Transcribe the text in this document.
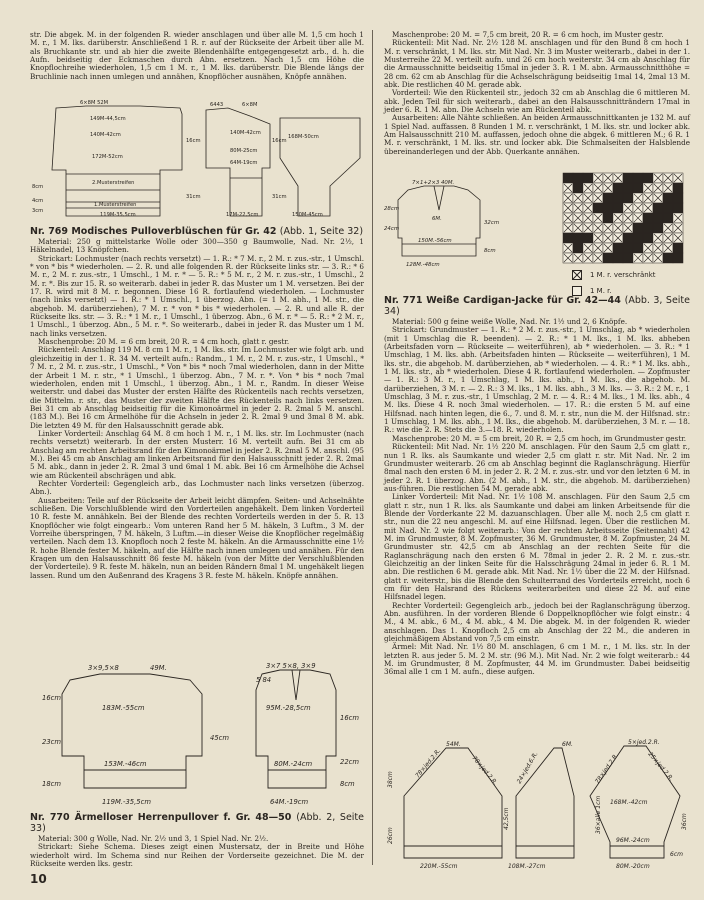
str. Die abgek. M. in der folgenden R. wieder anschlagen und über alle M. 1,5 cm hoch 1 M. r., 1 M. lks. darüberstr. Anschließend 1 R. r. auf der Rückseite der Arbeit über alle M. als Bruchkante str. und ab hier die zweite Blendenhälfte entgegengesetzt arb., d. h. die Aufn. beidseitig der Eckmaschen durch Abn. ersetzen. Nach 1,5 cm Höhe die Knopflochreihe wiederholen, 1,5 cm 1 M. r., 1 M. lks. darüberstr. Die Blende längs der Bruchlinie nach innen umlegen und annähen, Knopflöcher ausnähen, Knöpfe annähen.

6×8M 52M
149M-44,5cm
140M-42cm
172M-52cm
2.Musterstreifen
1.Musterstreifen
119M-35,5cm
8cm
4cm
3cm
16cm
31cm
6443	6×8M
140M-42cm
80M-25cm
64M-19cm
17M-22,5cm
168M-50cm
150M-45cm
16cm
31cm
Nr. 769 Modisches Pulloverblüschen für Gr. 42 (Abb. 1, Seite 32)

Material: 250 g mittelstarke Wolle oder 300—350 g Baumwolle, Nad. Nr. 2½, 1 Häkelnadel, 13 Knöpfchen.

Strickart: Lochmuster (nach rechts versetzt) — 1. R.: * 7 M. r., 2 M. r. zus.-str., 1 Umschl. * von * bis * wiederholen. — 2. R. und alle folgenden R. der Rückseite links str. — 3. R.: * 6 M. r., 2 M. r. zus.-str., 1 Umschl., 1 M. r. * — 5. R.: * 5 M. r., 2 M. r. zus.-str., 1 Umschl., 2 M. r. *. Bis zur 15. R. so weiterarb. dabei in jeder R. das Muster um 1 M. versetzen. Bei der 17. R. wird mit 8 M. r. begonnen. Diese 16 R. fortlaufend wiederholen. — Lochmuster (nach links versetzt) — 1. R.: * 1 Umschl., 1 überzog. Abn. (= 1 M. abh., 1 M. str., die abgehob. M. darüberziehen), 7 M. r. * von * bis * wiederholen. — 2. R. und alle R. der Rückseite lks. str. — 3. R.: * 1 M. r., 1 Umschl., 1 überzog. Abn., 6 M. r. * — 5. R.: * 2 M. r., 1 Umschl., 1 überzog. Abn., 5 M. r. *. So weiterarb., dabei in jeder R. das Muster um 1 M. nach links versetzen.

Maschenprobe: 20 M. = 6 cm breit, 20 R. = 4 cm hoch, glatt r. gestr.

Rückenteil: Anschlag 119 M. 8 cm 1 M. r., 1 M. lks. str. Im Lochmuster wie folgt arb. und gleichzeitig in der 1. R. 34 M. verteilt aufn.: Randm., 1 M. r., 2 M. r. zus.-str., 1 Umschl., * 7 M. r., 2 M. r. zus.-str., 1 Umschl., * Von * bis * noch 7mal wiederholen, dann in der Mitte der Arbeit 1 M. r. str., * 1 Umschl., 1 überzog. Abn., 7 M. r. *. Von * bis * noch 7mal wiederholen, enden mit 1 Umschl., 1 überzog. Abn., 1 M. r., Randm. In dieser Weise weiterstr. und dabei das Muster der ersten Hälfte des Rückenteils nach rechts versetzen, die Mittelm. r. str., das Muster der zweiten Hälfte des Rückenteils nach links versetzen. Bei 31 cm ab Anschlag beidseitig für die Kimonoärmel in jeder 2. R. 2mal 5 M. anschl. (183 M.). Bei 16 cm Ärmelhöhe für die Achseln in jeder 2. R. 2mal 9 und 3mal 8 M. abk. Die letzten 49 M. für den Halsausschnitt gerade abk.

Linker Vorderteil: Anschlag 64 M. 8 cm hoch 1 M. r., 1 M. lks. str. Im Lochmuster (nach rechts versetzt) weiterarb. In der ersten Musterr. 16 M. verteilt aufn. Bei 31 cm ab Anschlag am rechten Arbeitsrand für den Kimonoärmel in jeder 2. R. 2mal 5 M. anschl. (95 M.). Bei 45 cm ab Anschlag am linken Arbeitsrand für den Halsausschnitt jeder 2. R. 2mal 5 M. abk., dann in jeder 2. R. 2mal 3 und 6mal 1 M. abk. Bei 16 cm Ärmelhöhe die Achsel wie am Rückenteil abschrägen und abk.

Rechter Vorderteil: Gegengleich arb., das Lochmuster nach links versetzen (überzog. Abn.).

Ausarbeiten: Teile auf der Rückseite der Arbeit leicht dämpfen. Seiten- und Achselnähte schließen. Die Vorschlußblende wird den Vorderteilen angehäkelt. Dem linken Vorderteil 10 R. feste M. annähkeln. Bei der Blende des rechten Vorderteils werden in der 5. R. 13 Knopflöcher wie folgt eingearb.: Vom unteren Rand her 5 M. häkeln, 3 Luftm., 3 M. der Vorreihe überspringen, 7 M. häkeln, 3 Luftm.—in dieser Weise die Knopflöcher regelmäßig verteilen. Nach dem 13. Knopfloch noch 2 feste M. häkeln. An die Armausschnitte eine 1½ R. hohe Blende fester M. häkeln, auf die Hälfte nach innen umlegen und annähen. Für den Kragen um den Halsausschnitt 86 feste M. häkeln (von der Mitte der Verschlußblenden der Vorderteile). 9 R. feste M. häkeln, nun an beiden Rändern 8mal 1 M. ungehäkelt liegen lassen. Rund um den Außenrand des Kragens 3 R. feste M. häkeln. Knöpfe annähen.

3×9,5×8	49M.	3×7 5×8, 3×9
5 84
183M.-55cm
153M.-46cm
119M.-35,5cm
95M.-28,5cm
80M.-24cm
64M.-19cm
16cm
45cm
23cm
18cm
16cm
22cm
8cm
Nr. 770 Ärmelloser Herrenpullover f. Gr. 48—50 (Abb. 2, Seite 33)

Material: 300 g Wolle, Nad. Nr. 2½ und 3, 1 Spiel Nad. Nr. 2½.

Strickart: Siehe Schema. Dieses zeigt einen Mustersatz, der in Breite und Höhe wiederholt wird. Im Schema sind nur Reihen der Vorderseite gezeichnet. Die M. der Rückseite werden lks. gestr.

Maschenprobe: 20 M. = 7,5 cm breit, 20 R. = 6 cm hoch, im Muster gestr.

Rückenteil: Mit Nad. Nr. 2½ 128 M. anschlagen und für den Bund 8 cm hoch 1 M. r. verschränkt, 1 M. lks. str. Mit Nad. Nr. 3 im Muster weiterarb., dabei in der 1. Musterreihe 22 M. verteilt aufn. und 26 cm hoch weiterstr. 34 cm ab Anschlag für die Armausschnitte beidseitig 15mal in jeder 3. R. 1 M. abn. Armausschnitthöhe = 28 cm. 62 cm ab Anschlag für die Achselschrägung beidseitig 1mal 14, 2mal 13 M. abk. Die restlichen 40 M. gerade abk.

Vorderteil: Wie den Rückenteil str., jedoch 32 cm ab Anschlag die 6 mittleren M. abk. Jeden Teil für sich weiterarb., dabei an den Halsausschnitträndern 17mal in jeder 6. R. 1 M. abn. Die Achseln wie am Rückenteil abk.

Ausarbeiten: Alle Nähte schließen. An beiden Armausschnittkanten je 132 M. auf 1 Spiel Nad. auffassen. 8 Runden 1 M. r. verschränkt, 1 M. lks. str. und locker abk. Am Halsausschnitt 210 M. auffassen, jedoch ohne die abgek. 6 mittleren M.; 6 R. 1 M. r. verschränkt, 1 M. lks. str. und locker abk. Die Schmalseiten der Halsblende übereinanderlegen und der Abb. Querkante annähen.

7×1+2×3 40M.
150M.-56cm
128M.-48cm
6M.
28cm
32cm
8cm
24cm
1 M. r. verschränkt
1 M. r.
Nr. 771 Weiße Cardigan-Jacke für Gr. 42—44 (Abb. 3, Seite 34)

Material: 500 g feine weiße Wolle, Nad. Nr. 1½ und 2, 6 Knöpfe.

Strickart: Grundmuster — 1. R.: * 2 M. r. zus.-str., 1 Umschlag, ab * wiederholen (mit 1 Umschlag die R. beenden). — 2. R.: * 1 M. lks., 1 M. lks. abheben (Arbeitsfaden vorn — Rückseite — weiterführen), ab * wiederholen. — 3. R.: * 1 Umschlag, 1 M. lks. abh. (Arbeitsfaden hinten — Rückseite — weiterführen), 1 M. lks. str., die abgehob. M. darüberziehen, ab * wiederholen. — 4. R.: * 1 M. lks. abh., 1 M. lks. str., ab * wiederholen. Diese 4 R. fortlaufend wiederholen. — Zopfmuster — 1. R.: 3 M. r., 1 Umschlag, 1 M. lks. abh., 1 M. lks., die abgehob. M. darüberziehen, 3 M. r. — 2. R.: 3 M. lks., 1 M. lks. abh., 3 M. lks. — 3. R.: 2 M. r., 1 Umschlag, 3 M. r. zus.-str., 1 Umschlag, 2 M. r. — 4. R.: 4 M. lks., 1 M. lks. abh., 4 M. lks. Diese 4 R. noch 3mal wiederholen. — 17. R.: die ersten 5 M. auf eine Hilfsnad. nach hinten legen, die 6., 7. und 8. M. r. str., nun die M. der Hilfsnad. str.: 1 Umschlag, 1 M. lks. abh., 1 M. lks., die abgehob. M. darüberziehen, 3 M. r. — 18. R.: wie die 2. R. Stets die 3.—18. R. wiederholen.

Maschenprobe: 20 M. = 5 cm breit, 20 R. = 2,5 cm hoch, im Grundmuster gestr.

Rückenteil: Mit Nad. Nr. 1½ 220 M. anschlagen. Für den Saum 2,5 cm glatt r., nun 1 R. lks. als Saumkante und wieder 2,5 cm glatt r. str. Mit Nad. Nr. 2 im Grundmuster weiterarb. 26 cm ab Anschlag beginnt die Raglanschrägung. Hierfür 8mal nach den ersten 6 M. in jeder 2. R. 2 M. r. zus.-str. und vor den letzten 6 M. in jeder 2. R. 1 überzog. Abn. (2 M. abh., 1 M. str., die abgehob. M. darüberziehen) aus-führen. Die restlichen 54 M. gerade abk.

Linker Vorderteil: Mit Nad. Nr. 1½ 108 M. anschlagen. Für den Saum 2,5 cm glatt r. str., nun 1 R. lks. als Saumkante und dabei am linken Arbeitsende für die Blende der Vorderkante 22 M. dazuanschlagen. Über alle M. noch 2,5 cm glatt r. str., nun die 22 neu angeschl. M. auf eine Hilfsnad. legen. Über die restlichen M. mit Nad. Nr. 2 wie folgt weiterarb.: Von der rechten Arbeitsseite (Seitennaht) 42 M. im Grundmuster, 8 M. Zopfmuster, 36 M. Grundmuster, 8 M. Zopfmuster, 24 M. Grundmuster str. 42,5 cm ab Anschlag an der rechten Seite für die Raglanschrägung nach den ersten 6 M. 78mal in jeder 2. R. 2 M. r. zus.-str. Gleichzeitig an der linken Seite für die Halsschrägung 24mal in jeder 6. R. 1 M. abn. Die restlichen 6 M. gerade abk. Mit Nad. Nr. 1½ über die 22 M. der Hilfsnad. glatt r. weiterstr., bis die Blende den Schulterrand des Vorderteils erreicht, noch 6 cm für den Halsrand des Rückens weiterarbeiten und diese 22 M. auf eine Hilfsnadel legen.

Rechter Vorderteil: Gegengleich arb., jedoch bei der Raglanschrägung überzog. Abn. ausführen. In der vorderen Blende 6 Doppelknopflöcher wie folgt einstr.: 4 M., 4 M. abk., 6 M., 4 M. abk., 4 M. Die abgek. M. in der folgenden R. wieder anschlagen. Das 1. Knopfloch 2,5 cm ab Anschlag der 22 M., die anderen in gleichmäßigem Abstand von 7,5 cm einstr.

Ärmel: Mit Nad. Nr. 1½ 80 M. anschlagen, 6 cm 1 M. r., 1 M. lks. str. In der letzten R. aus jeder 5. M. 2 M. str. (96 M.). Mit Nad. Nr. 2 wie folgt weiterarb.: 44 M. im Grundmuster, 8 M. Zopfmuster, 44 M. im Grundmuster. Dabei beidseitig 36mal alle 1 cm 1 M. aufn., diese aufgen.

78×jed.2.R.	78×jed.2.R.
54M.
220M.-55cm
24×jed.6.R.
6M.
108M.-27cm
5×jed.2.R.
25×jed.2.R.
78×jed.2.R.
168M.-42cm
96M.-24cm
80M.-20cm
36×alle 1cm
38cm
26cm
42,5cm	36cm
6cm
10
